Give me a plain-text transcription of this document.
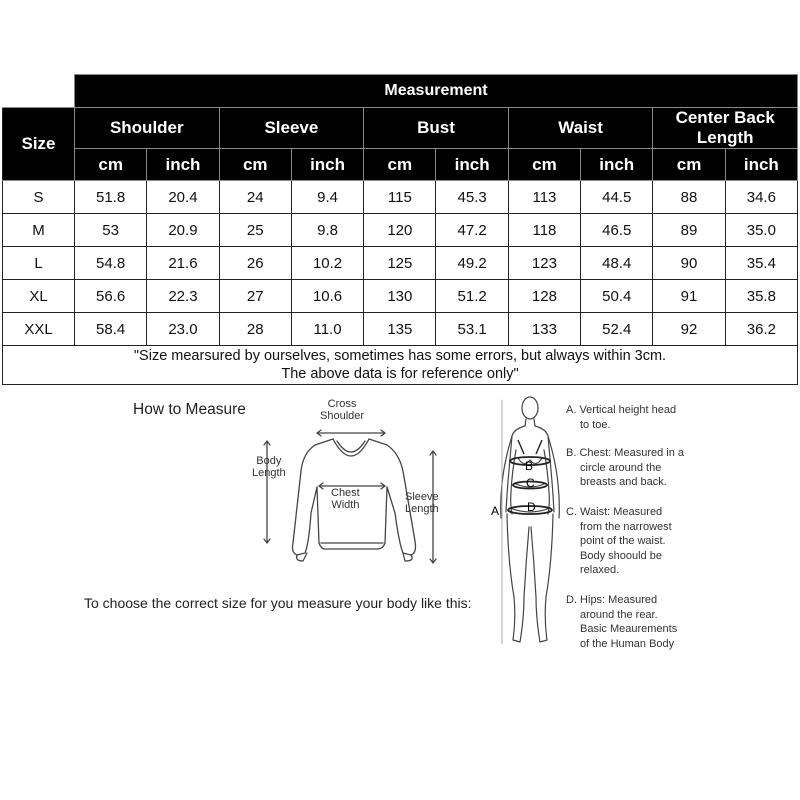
	Measurement									
Size	Shoulder		Sleeve		Bust		Waist		Center Back Length	
	cm	inch	cm	inch	cm	inch	cm	inch	cm	inch
S	51.8	20.4	24	9.4	115	45.3	113	44.5	88	34.6
M	53	20.9	25	9.8	120	47.2	118	46.5	89	35.0
L	54.8	21.6	26	10.2	125	49.2	123	48.4	90	35.4
XL	56.6	22.3	27	10.6	130	51.2	128	50.4	91	35.8
XXL	58.4	23.0	28	11.0	135	53.1	133	52.4	92	36.2

"Size mearsured by ourselves, sometimes has some errors, but always within 3cm.
The above data is for reference only"										
How to Measure
To choose the correct size for you measure your body like this:
Cross
Shoulder
Body
Length
Chest
Width
Sleeve
Length	A
B
C
D
A. Vertical height head
to toe.
B. Chest: Measured in a
circle around the
breasts and back.
C. Waist: Measured
from the narrowest
point of the waist.
Body shoould be
relaxed.
D. Hips: Measured
around the rear.
Basic Meaurements
of the Human Body
